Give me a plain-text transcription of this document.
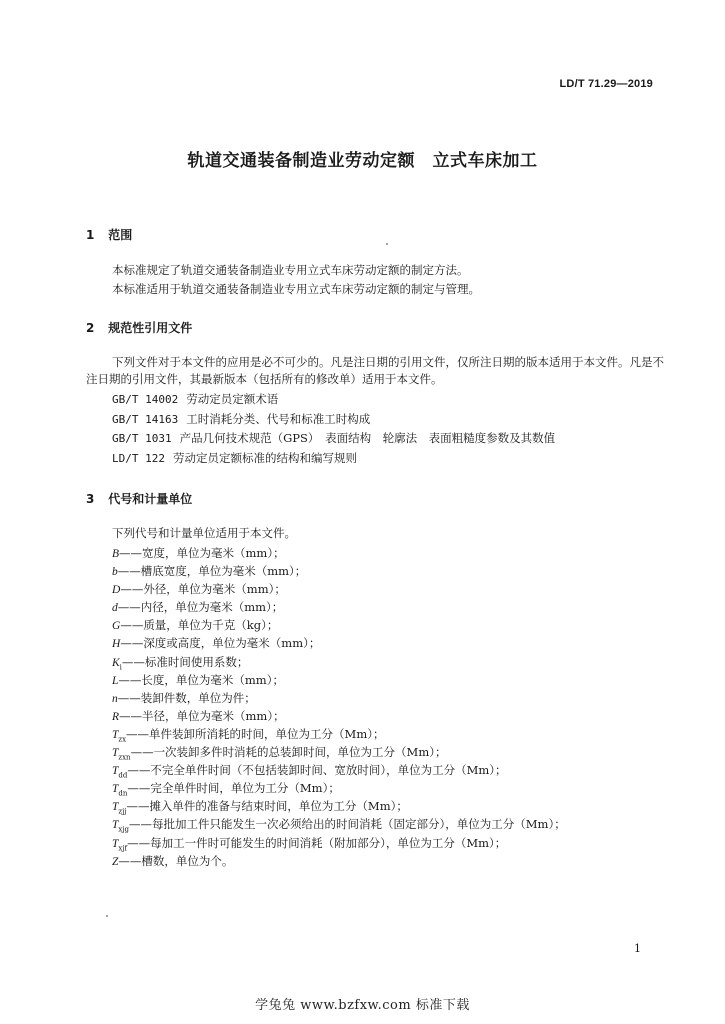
LD/T 71.29—2019
轨道交通装备制造业劳动定额　立式车床加工
1 范围
本标准规定了轨道交通装备制造业专用立式车床劳动定额的制定方法。
本标准适用于轨道交通装备制造业专用立式车床劳动定额的制定与管理。
2 规范性引用文件
下列文件对于本文件的应用是必不可少的。凡是注日期的引用文件，仅所注日期的版本适用于本文件。凡是不注日期的引用文件，其最新版本（包括所有的修改单）适用于本文件。
GB/T 14002 劳动定员定额术语
GB/T 14163 工时消耗分类、代号和标准工时构成
GB/T 1031 产品几何技术规范（GPS）　表面结构　轮廓法　表面粗糙度参数及其数值
LD/T 122 劳动定员定额标准的结构和编写规则
3 代号和计量单位
下列代号和计量单位适用于本文件。
B——宽度，单位为毫米（mm）；
b——槽底宽度，单位为毫米（mm）；
D——外径，单位为毫米（mm）；
d——内径，单位为毫米（mm）；
G——质量，单位为千克（kg）；
H——深度或高度，单位为毫米（mm）；
$K_i——$标准时间使用系数；
L——长度，单位为毫米（mm）；
n——装卸件数，单位为件；
R——半径，单位为毫米（mm）；
$T_{zx}——$单件装卸所消耗的时间，单位为工分（Mm）；
$T_{zxn}——$一次装卸多件时消耗的总装卸时间，单位为工分（Mm）；
$T_{dd}——$不完全单件时间（不包括装卸时间、宽放时间），单位为工分（Mm）；
$T_{dn}——$完全单件时间，单位为工分（Mm）；
$T_{zjj}——$摊入单件的准备与结束时间，单位为工分（Mm）；
$T_{xjg}——$每批加工件只能发生一次必须给出的时间消耗（固定部分），单位为工分（Mm）；
$T_{xjf}——$每加工一件时可能发生的时间消耗（附加部分），单位为工分（Mm）；
Z——槽数，单位为个。
1
学兔兔 www.bzfxw.com 标准下载
